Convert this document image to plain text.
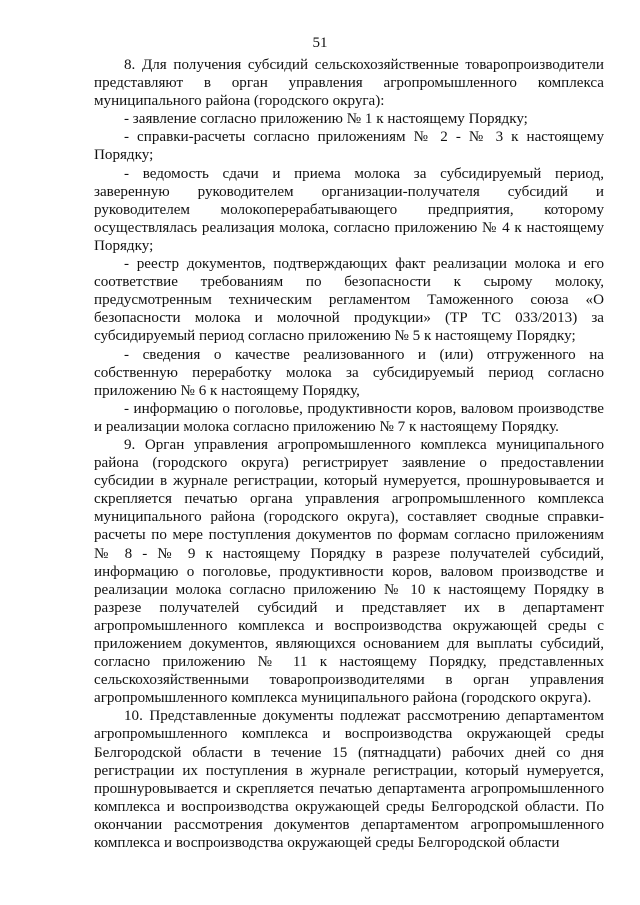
51

8. Для получения субсидий сельскохозяйственные товаропроизводители представляют в орган управления агропромышленного комплекса муниципального района (городского округа):

- заявление согласно приложению № 1 к настоящему Порядку;

- справки-расчеты согласно приложениям № 2 - № 3 к настоящему Порядку;

- ведомость сдачи и приема молока за субсидируемый период, заверенную руководителем организации-получателя субсидий и руководителем молокоперерабатывающего предприятия, которому осуществлялась реализация молока, согласно приложению № 4 к настоящему Порядку;

- реестр документов, подтверждающих факт реализации молока и его соответствие требованиям по безопасности к сырому молоку, предусмотренным техническим регламентом Таможенного союза «О безопасности молока и молочной продукции» (ТР ТС 033/2013) за субсидируемый период согласно приложению № 5 к настоящему Порядку;

- сведения о качестве реализованного и (или) отгруженного на собственную переработку молока за субсидируемый период согласно приложению № 6 к настоящему Порядку,

- информацию о поголовье, продуктивности коров, валовом производстве и реализации молока согласно приложению № 7 к настоящему Порядку.

9. Орган управления агропромышленного комплекса муниципального района (городского округа) регистрирует заявление о предоставлении субсидии в журнале регистрации, который нумеруется, прошнуровывается и скрепляется печатью органа управления агропромышленного комплекса муниципального района (городского округа), составляет сводные справки-расчеты по мере поступления документов по формам согласно приложениям № 8 - № 9 к настоящему Порядку в разрезе получателей субсидий, информацию о поголовье, продуктивности коров, валовом производстве и реализации молока согласно приложению № 10 к настоящему Порядку в разрезе получателей субсидий и представляет их в департамент агропромышленного комплекса и воспроизводства окружающей среды с приложением документов, являющихся основанием для выплаты субсидий, согласно приложению № 11 к настоящему Порядку, представленных сельскохозяйственными товаропроизводителями в орган управления агропромышленного комплекса муниципального района (городского округа).

10. Представленные документы подлежат рассмотрению департаментом агропромышленного комплекса и воспроизводства окружающей среды Белгородской области в течение 15 (пятнадцати) рабочих дней со дня регистрации их поступления в журнале регистрации, который нумеруется, прошнуровывается и скрепляется печатью департамента агропромышленного комплекса и воспроизводства окружающей среды Белгородской области. По окончании рассмотрения документов департаментом агропромышленного комплекса и воспроизводства окружающей среды Белгородской области
